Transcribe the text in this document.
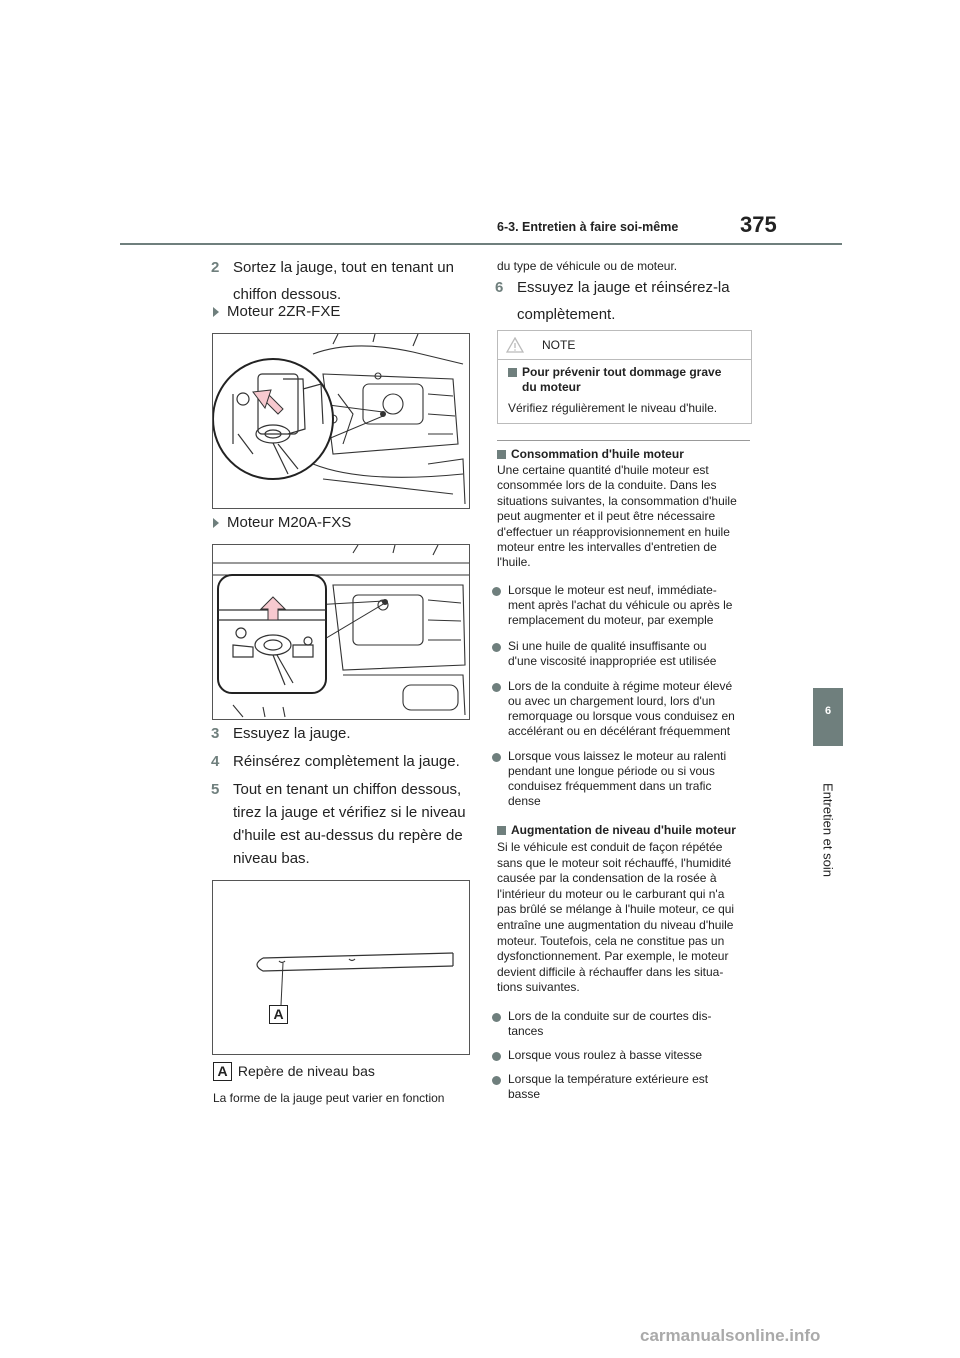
6-3. Entretien à faire soi-même	375
6
Entretien et soin
2 Sortez la jauge, tout en tenant un
chiffon dessous.
Moteur 2ZR-FXE
Moteur M20A-FXS
3 Essuyez la jauge.
4 Réinsérez complètement la jauge.
5 Tout en tenant un chiffon dessous,
tirez la jauge et vérifiez si le niveau
d'huile est au-dessus du repère de
niveau bas.
A
A Repère de niveau bas
La forme de la jauge peut varier en fonction
du type de véhicule ou de moteur.
6 Essuyez la jauge et réinsérez-la
complètement.
NOTE
Pour prévenir tout dommage grave
du moteur
Vérifiez régulièrement le niveau d'huile.
Consommation d'huile moteur
Une certaine quantité d'huile moteur est
consommée lors de la conduite. Dans les
situations suivantes, la consommation d'huile
peut augmenter et il peut être nécessaire
d'effectuer un réapprovisionnement en huile
moteur entre les intervalles d'entretien de
l'huile.
Lorsque le moteur est neuf, immédiate-
ment après l'achat du véhicule ou après le
remplacement du moteur, par exemple
Si une huile de qualité insuffisante ou
d'une viscosité inappropriée est utilisée
Lors de la conduite à régime moteur élevé
ou avec un chargement lourd, lors d'un
remorquage ou lorsque vous conduisez en
accélérant ou en décélérant fréquemment
Lorsque vous laissez le moteur au ralenti
pendant une longue période ou si vous
conduisez fréquemment dans un trafic
dense
Augmentation de niveau d'huile moteur
Si le véhicule est conduit de façon répétée
sans que le moteur soit réchauffé, l'humidité
causée par la condensation de la rosée à
l'intérieur du moteur ou le carburant qui n'a
pas brûlé se mélange à l'huile moteur, ce qui
entraîne une augmentation du niveau d'huile
moteur. Toutefois, cela ne constitue pas un
dysfonctionnement. Par exemple, le moteur
devient difficile à réchauffer dans les situa-
tions suivantes.
Lors de la conduite sur de courtes dis-
tances
Lorsque vous roulez à basse vitesse
Lorsque la température extérieure est
basse
carmanualsonline.info
